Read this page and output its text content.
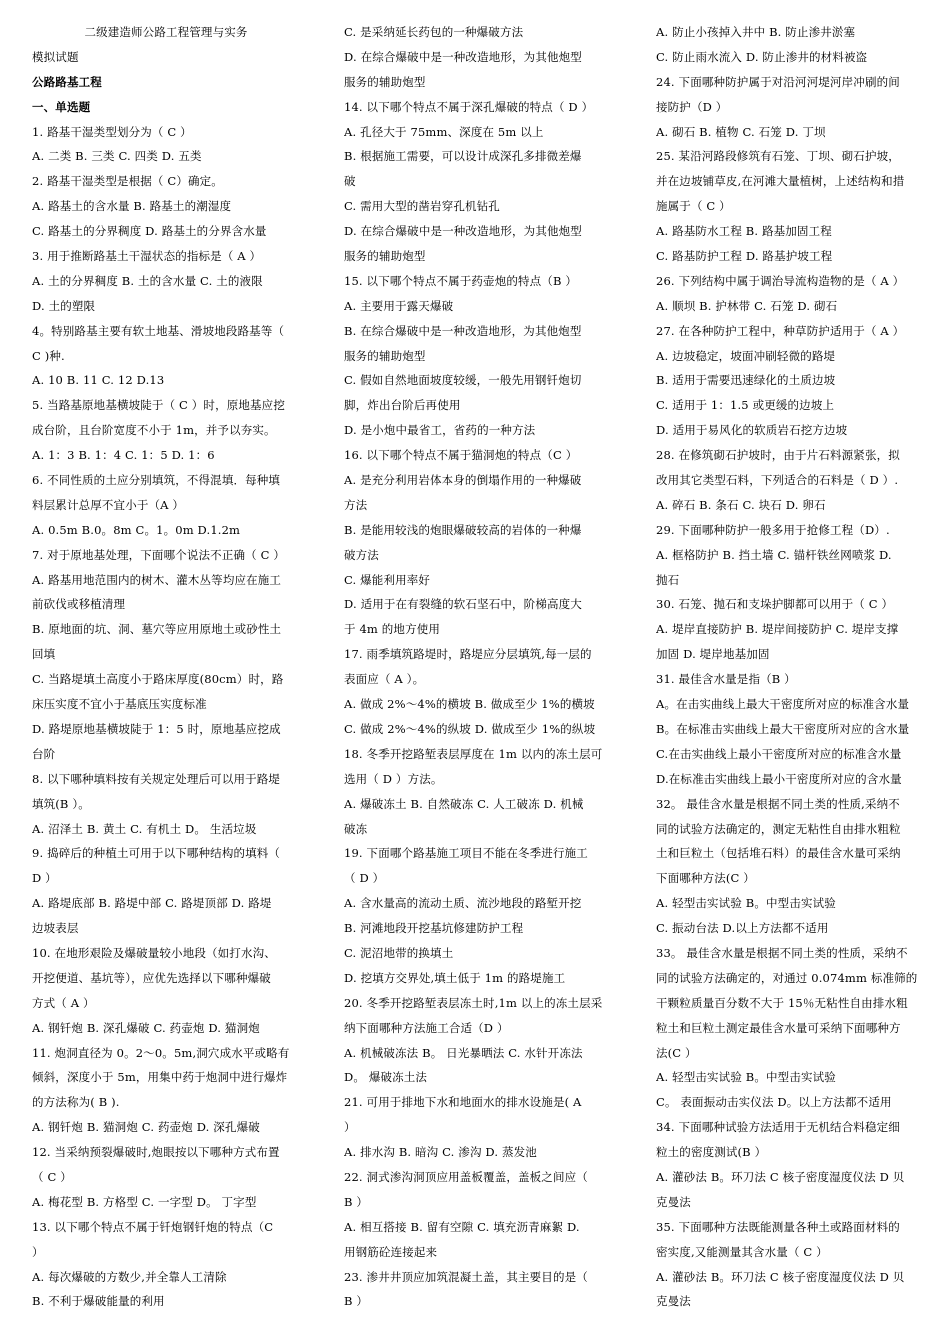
二级建造师公路工程管理与实务
模拟试题
公路路基工程
一、单选题
1. 路基干湿类型划分为（ C ）
A. 二类 B. 三类 C. 四类 D. 五类
2. 路基干湿类型是根据（ C）确定。
A. 路基土的含水量 B. 路基土的潮湿度
C. 路基土的分界稠度 D. 路基土的分界含水量
3. 用于推断路基土干湿状态的指标是（ A ）
A. 土的分界稠度 B. 土的含水量 C. 土的液限
D. 土的塑限
4。特别路基主要有软土地基、滑坡地段路基等（
C )种.
A. 10 B. 11 C. 12 D.13
5. 当路基原地基横坡陡于（ C ）时，原地基应挖
成台阶，且台阶宽度不小于 1m，并予以夯实。
A. 1：3 B. 1：4 C. 1：5 D. 1：6
6. 不同性质的土应分别填筑，不得混填．每种填
料层累计总厚不宜小于（A ）
A. 0.5m B.0。8m C。1。0m D.1.2m
7. 对于原地基处理，下面哪个说法不正确（ C ）
A. 路基用地范围内的树木、灌木丛等均应在施工
前砍伐或移植清理
B. 原地面的坑、洞、墓穴等应用原地土或砂性土
回填
C. 当路堤填土高度小于路床厚度(80cm）时，路
床压实度不宜小于基底压实度标准
D. 路堤原地基横坡陡于 1：5 时，原地基应挖成
台阶
8. 以下哪种填料按有关规定处理后可以用于路堤
填筑(B ）。
A. 沼泽土 B. 黄土 C. 有机土 D。 生活垃圾
9. 捣碎后的种植土可用于以下哪种结构的填料（
D ）
A. 路堤底部 B. 路堤中部 C. 路堤顶部 D. 路堤
边坡表层
10. 在地形艰险及爆破量较小地段（如打水沟、
开挖便道、基坑等），应优先选择以下哪种爆破
方式（ A ）
A. 钢钎炮 B. 深孔爆破 C. 药壶炮 D. 猫洞炮
11. 炮洞直径为 0。2～0。5m,洞穴成水平或略有
倾斜，深度小于 5m，用集中药于炮洞中进行爆炸
的方法称为( B ).
A. 钢钎炮 B. 猫洞炮 C. 药壶炮 D. 深孔爆破
12. 当采纳预裂爆破时,炮眼按以下哪种方式布置
（ C ）
A. 梅花型 B. 方格型 C. 一字型 D。 丁字型
13. 以下哪个特点不属于钎炮钢钎炮的特点（C
）
A. 每次爆破的方数少,并全靠人工清除
B. 不利于爆破能量的利用
C. 是采纳延长药包的一种爆破方法
D. 在综合爆破中是一种改造地形，为其他炮型
服务的辅助炮型
14. 以下哪个特点不属于深孔爆破的特点（ D ）
A. 孔径大于 75mm、深度在 5m 以上
B. 根据施工需要，可以设计成深孔多排微差爆
破
C. 需用大型的凿岩穿孔机钻孔
D. 在综合爆破中是一种改造地形，为其他炮型
服务的辅助炮型
15. 以下哪个特点不属于药壶炮的特点（B ）
A. 主要用于露天爆破
B. 在综合爆破中是一种改造地形，为其他炮型
服务的辅助炮型
C. 假如自然地面坡度较缓，一般先用钢钎炮切
脚，炸出台阶后再使用
D. 是小炮中最省工，省药的一种方法
16. 以下哪个特点不属于猫洞炮的特点（C ）
A. 是充分利用岩体本身的倒塌作用的一种爆破
方法
B. 是能用较浅的炮眼爆破较高的岩体的一种爆
破方法
C. 爆能利用率好
D. 适用于在有裂缝的软石坚石中，阶梯高度大
于 4m 的地方使用
17. 雨季填筑路堤时，路堤应分层填筑,每一层的
表面应（ A ）。
A. 做成 2%～4%的横坡 B. 做成至少 1%的横坡
C. 做成 2%～4%的纵坡 D. 做成至少 1%的纵坡
18. 冬季开挖路堑表层厚度在 1m 以内的冻土层可
选用（ D ）方法。
A. 爆破冻土 B. 自然破冻 C. 人工破冻 D. 机械
破冻
19. 下面哪个路基施工项目不能在冬季进行施工
（ D ）
A. 含水量高的流动土质、流沙地段的路堑开挖
B. 河滩地段开挖基坑修建防护工程
C. 泥沼地带的换填土
D. 挖填方交界处,填土低于 1m 的路堤施工
20. 冬季开挖路堑表层冻土时,1m 以上的冻土层采
纳下面哪种方法施工合适（D ）
A. 机械破冻法 B。 日光暴晒法 C. 水针开冻法
D。 爆破冻土法
21. 可用于排地下水和地面水的排水设施是( A
）
A. 排水沟 B. 暗沟 C. 渗沟 D. 蒸发池
22. 洞式渗沟洞顶应用盖板覆盖，盖板之间应（
B ）
A. 相互搭接 B. 留有空隙 C. 填充沥青麻絮 D.
用钢筋砼连接起来
23. 渗井井顶应加筑混凝土盖，其主要目的是（
B ）
A. 防止小孩掉入井中 B. 防止渗井淤塞
C. 防止雨水流入 D. 防止渗井的材料被盗
24. 下面哪种防护属于对沿河河堤河岸冲刷的间
接防护（D ）
A. 砌石 B. 植物 C. 石笼 D. 丁坝
25. 某沿河路段修筑有石笼、丁坝、砌石护坡，
并在边坡铺草皮,在河滩大量植树，上述结构和措
施属于（ C ）
A. 路基防水工程 B. 路基加固工程
C. 路基防护工程 D. 路基护坡工程
26. 下列结构中属于调治导流构造物的是（ A ）
A. 顺坝 B. 护林带 C. 石笼 D. 砌石
27. 在各种防护工程中，种草防护适用于（ A ）
A. 边坡稳定，坡面冲刷轻微的路堤
B. 适用于需要迅速绿化的土质边坡
C. 适用于 1：1.5 或更缓的边坡上
D. 适用于易风化的软质岩石挖方边坡
28. 在修筑砌石护坡时，由于片石料源紧张，拟
改用其它类型石料，下列适合的石料是（ D ）.
A. 碎石 B. 条石 C. 块石 D. 卵石
29. 下面哪种防护一般多用于抢修工程（D）.
A. 框格防护 B. 挡土墙 C. 锚杆铁丝网喷浆 D.
抛石
30. 石笼、抛石和支垛护脚都可以用于（ C ）
A. 堤岸直接防护 B. 堤岸间接防护 C. 堤岸支撑
加固 D. 堤岸地基加固
31. 最佳含水量是指（B ）
A。在击实曲线上最大干密度所对应的标准含水量
B。在标准击实曲线上最大干密度所对应的含水量
C.在击实曲线上最小干密度所对应的标准含水量
D.在标准击实曲线上最小干密度所对应的含水量
32。 最佳含水量是根据不同土类的性质,采纳不
同的试验方法确定的，测定无粘性自由排水粗粒
土和巨粒土（包括堆石料）的最佳含水量可采纳
下面哪种方法(C ）
A. 轻型击实试验 B。中型击实试验
C. 振动台法 D.以上方法都不适用
33。 最佳含水量是根据不同土类的性质，采纳不
同的试验方法确定的，对通过 0.074mm 标准筛的
干颗粒质量百分数不大于 15％无粘性自由排水粗
粒土和巨粒土测定最佳含水量可采纳下面哪种方
法(C ）
A. 轻型击实试验 B。中型击实试验
C。 表面振动击实仪法 D。以上方法都不适用
34. 下面哪种试验方法适用于无机结合料稳定细
粒土的密度测试(B ）
A. 灌砂法 B。环刀法 C 核子密度湿度仪法 D 贝
克曼法
35. 下面哪种方法既能测量各种土或路面材料的
密实度,又能测量其含水量（ C ）
A. 灌砂法 B。环刀法 C 核子密度湿度仪法 D 贝
克曼法
